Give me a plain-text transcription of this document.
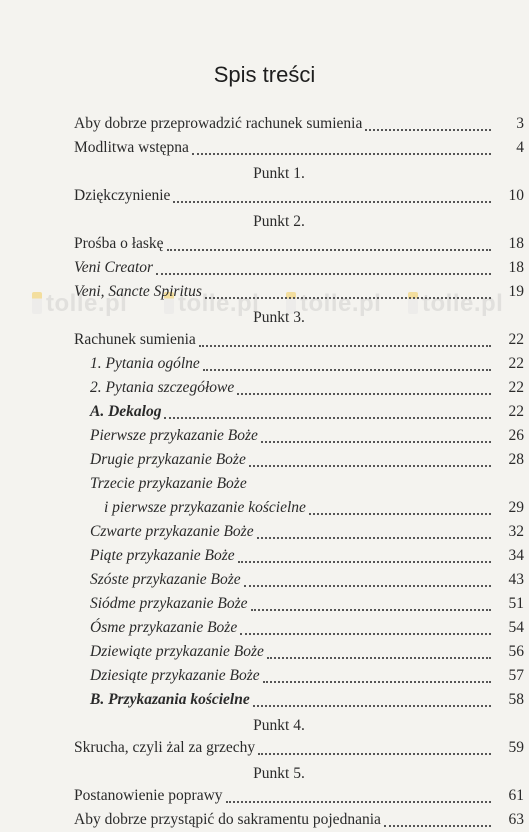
tolle.pl tolle.pl tolle.pl tolle.pl
Spis treści
Aby dobrze przeprowadzić rachunek sumienia	3
Modlitwa wstępna	4
Punkt 1.
Dziękczynienie	10
Punkt 2.
Prośba o łaskę	18
Veni Creator	18
Veni, Sancte Spiritus	19
Punkt 3.
Rachunek sumienia	22
1. Pytania ogólne	22
2. Pytania szczegółowe	22
A. Dekalog	22
Pierwsze przykazanie Boże	26
Drugie przykazanie Boże	28
Trzecie przykazanie Boże
i pierwsze przykazanie kościelne	29
Czwarte przykazanie Boże	32
Piąte przykazanie Boże	34
Szóste przykazanie Boże	43
Siódme przykazanie Boże	51
Ósme przykazanie Boże	54
Dziewiąte przykazanie Boże	56
Dziesiąte przykazanie Boże	57
B. Przykazania kościelne	58
Punkt 4.
Skrucha, czyli żal za grzechy	59
Punkt 5.
Postanowienie poprawy	61
Aby dobrze przystąpić do sakramentu pojednania	63
